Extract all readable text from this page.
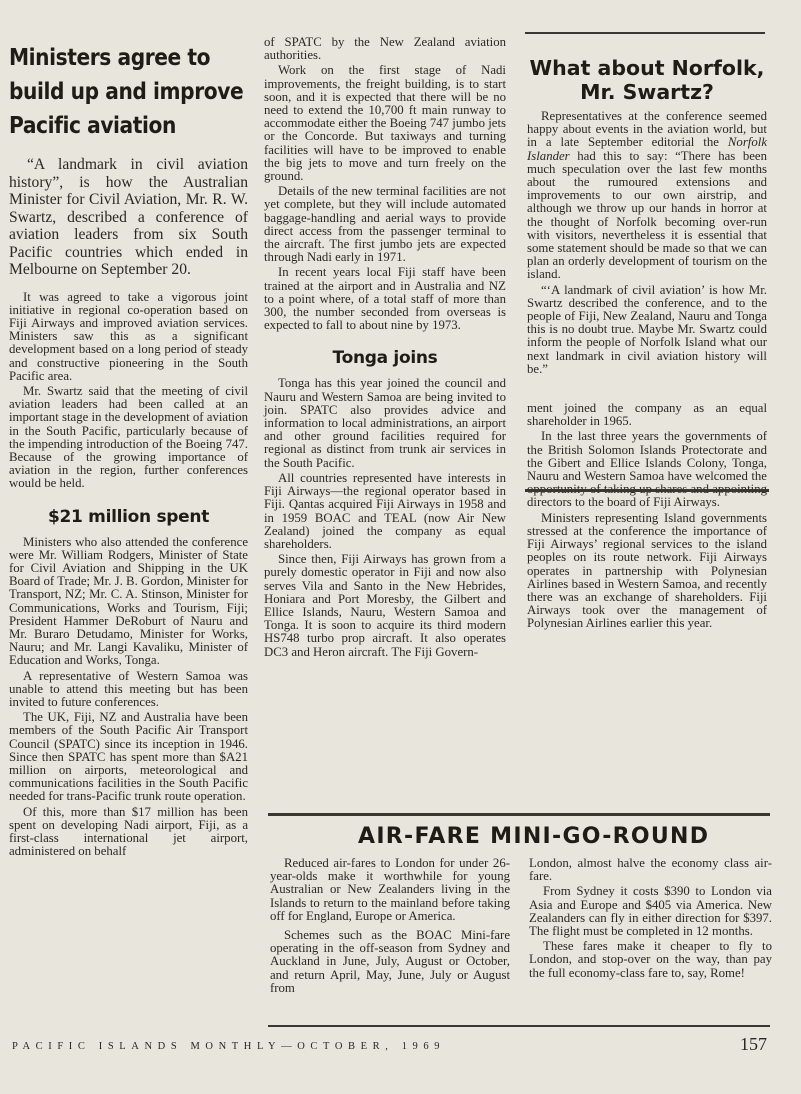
Ministers agree to build up and improve Pacific aviation

“A landmark in civil aviation history”, is how the Australian Minister for Civil Aviation, Mr. R. W. Swartz, described a conference of aviation leaders from six South Pacific countries which ended in Melbourne on September 20.

It was agreed to take a vigorous joint initiative in regional co-operation based on Fiji Airways and improved aviation services. Ministers saw this as a significant development based on a long period of steady and constructive pioneering in the South Pacific area.

Mr. Swartz said that the meeting of civil aviation leaders had been called at an important stage in the development of aviation in the South Pacific, particularly because of the impending introduction of the Boeing 747. Because of the growing importance of aviation in the region, further conferences would be held.

$21 million spent

Ministers who also attended the conference were Mr. William Rodgers, Minister of State for Civil Aviation and Shipping in the UK Board of Trade; Mr. J. B. Gordon, Minister for Transport, NZ; Mr. C. A. Stinson, Minister for Communications, Works and Tourism, Fiji; President Hammer DeRoburt of Nauru and Mr. Buraro Detudamo, Minister for Works, Nauru; and Mr. Langi Kavaliku, Minister of Education and Works, Tonga.

A representative of Western Samoa was unable to attend this meeting but has been invited to future conferences.

The UK, Fiji, NZ and Australia have been members of the South Pacific Air Transport Council (SPATC) since its inception in 1946. Since then SPATC has spent more than $A21 million on airports, meteorological and communications facilities in the South Pacific needed for trans-Pacific trunk route operation.

Of this, more than $17 million has been spent on developing Nadi airport, Fiji, as a first-class international jet airport, administered on behalf

of SPATC by the New Zealand aviation authorities.

Work on the first stage of Nadi improvements, the freight building, is to start soon, and it is expected that there will be no need to extend the 10,700 ft main runway to accommodate either the Boeing 747 jumbo jets or the Concorde. But taxiways and turning facilities will have to be improved to enable the big jets to move and turn freely on the ground.

Details of the new terminal facilities are not yet complete, but they will include automated baggage-handling and aerial ways to provide direct access from the passenger terminal to the aircraft. The first jumbo jets are expected through Nadi early in 1971.

In recent years local Fiji staff have been trained at the airport and in Australia and NZ to a point where, of a total staff of more than 300, the number seconded from overseas is expected to fall to about nine by 1973.

Tonga joins

Tonga has this year joined the council and Nauru and Western Samoa are being invited to join. SPATC also provides advice and information to local administrations, an airport and other ground facilities required for regional as distinct from trunk air services in the South Pacific.

All countries represented have interests in Fiji Airways—the regional operator based in Fiji. Qantas acquired Fiji Airways in 1958 and in 1959 BOAC and TEAL (now Air New Zealand) joined the company as equal shareholders.

Since then, Fiji Airways has grown from a purely domestic operator in Fiji and now also serves Vila and Santo in the New Hebrides, Honiara and Port Moresby, the Gilbert and Ellice Islands, Nauru, Western Samoa and Tonga. It is soon to acquire its third modern HS748 turbo prop aircraft. It also operates DC3 and Heron aircraft. The Fiji Govern-

What about Norfolk, Mr. Swartz?

Representatives at the conference seemed happy about events in the aviation world, but in a late September editorial the Norfolk Islander had this to say: “There has been much speculation over the last few months about the rumoured extensions and improvements to our own airstrip, and although we throw up our hands in horror at the thought of Norfolk becoming over-run with visitors, nevertheless it is essential that some statement should be made so that we can plan an orderly development of tourism on the island.

“‘A landmark of civil aviation’ is how Mr. Swartz described the conference, and to the people of Fiji, New Zealand, Nauru and Tonga this is no doubt true. Maybe Mr. Swartz could inform the people of Norfolk Island what our next landmark in civil aviation history will be.”

ment joined the company as an equal shareholder in 1965.

In the last three years the governments of the British Solomon Islands Protectorate and the Gibert and Ellice Islands Colony, Tonga, Nauru and Western Samoa have welcomed the directors to the board of Fiji Airways.

Ministers representing Island governments stressed at the conference the importance of Fiji Airways’ regional services to the island peoples on its route network. Fiji Airways operates in partnership with Polynesian Airlines based in Western Samoa, and recently there was an exchange of shareholders. Fiji Airways took over the management of Polynesian Airlines earlier this year.

AIR-FARE MINI-GO-ROUND

Reduced air-fares to London for under 26-year-olds make it worthwhile for young Australian or New Zealanders living in the Islands to return to the mainland before taking off for England, Europe or America.

Schemes such as the BOAC Mini-fare operating in the off-season from Sydney and Auckland in June, July, August or October, and return April, May, June, July or August from

London, almost halve the economy class air-fare.

From Sydney it costs $390 to London via Asia and Europe and $405 via America. New Zealanders can fly in either direction for $397. The flight must be completed in 12 months.

These fares make it cheaper to fly to London, and stop-over on the way, than pay the full economy-class fare to, say, Rome!

PACIFIC ISLANDS MONTHLY—OCTOBER, 1969	157
